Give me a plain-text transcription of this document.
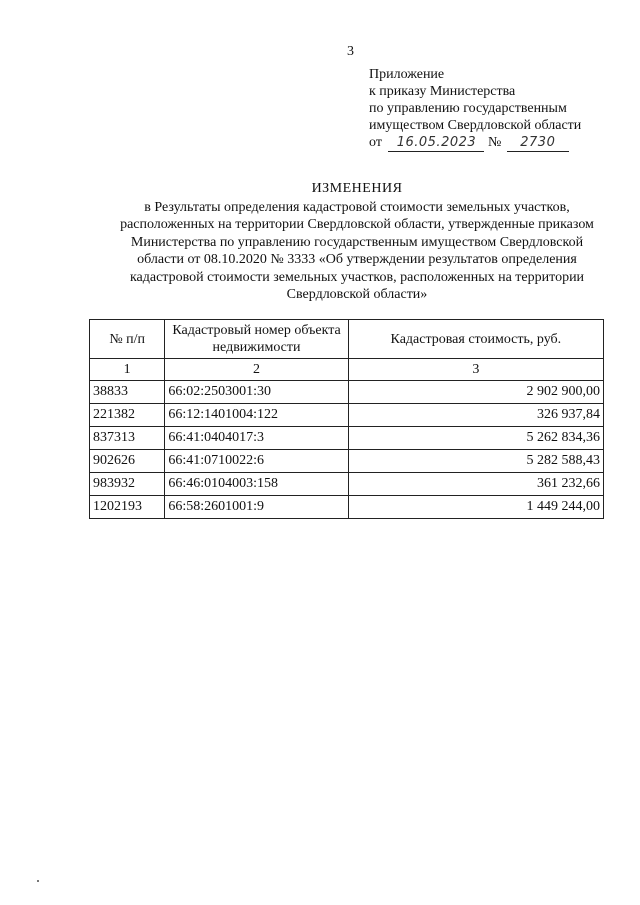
3
Приложение
к приказу Министерства
по управлению государственным
имуществом Свердловской области
от 16.05.2023 № 2730
ИЗМЕНЕНИЯ
в Результаты определения кадастровой стоимости земельных участков,
расположенных на территории Свердловской области, утвержденные приказом
Министерства по управлению государственным имуществом Свердловской
области от 08.10.2020 № 3333 «Об утверждении результатов определения
кадастровой стоимости земельных участков, расположенных на территории
Свердловской области»
№ п/п	Кадастровый номер объекта недвижимости	Кадастровая стоимость, руб.
1	2	3
38833	66:02:2503001:30	2 902 900,00
221382	66:12:1401004:122	326 937,84
837313	66:41:0404017:3	5 262 834,36
902626	66:41:0710022:6	5 282 588,43
983932	66:46:0104003:158	361 232,66
1202193	66:58:2601001:9	1 449 244,00
